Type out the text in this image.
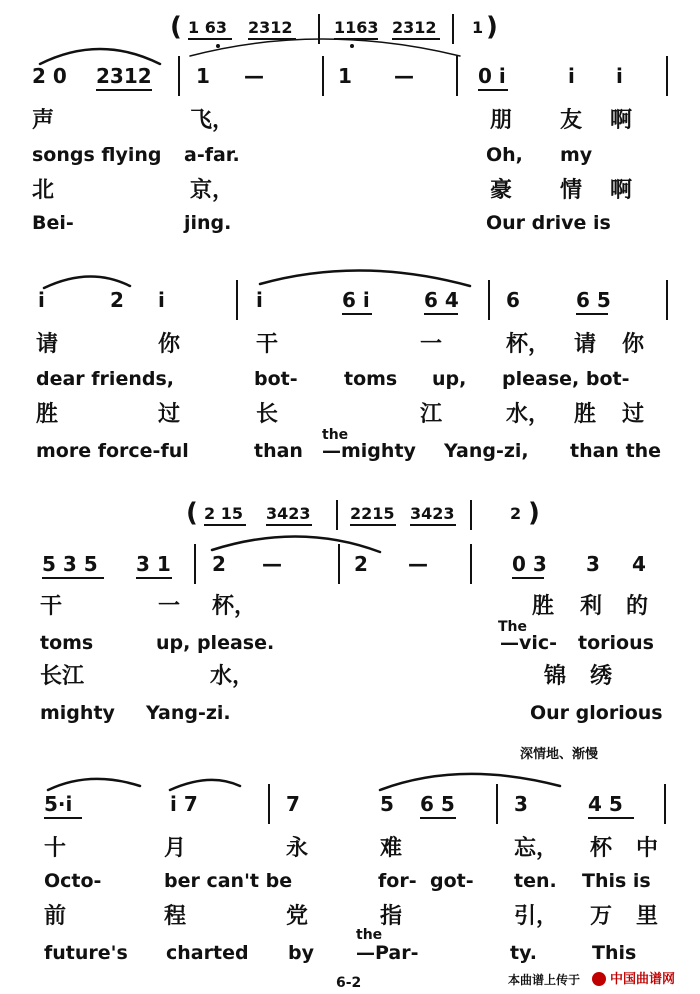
( 1 63 2312	1163 2312 1 )
2 0 2312 1 —	1 —	0 i	i i
声	飞，	朋 友 啊
songs flying a-far.	Oh, my
北	京，	豪 情 啊
Bei-	jing.	Our drive is
i	2 i	i	6 i	6 4 6	6 5
请	你	干	一	杯， 请 你
dear friends,	bot- toms up, please, bot-
胜	过	长	江	水， 胜 过
more force-ful	than
the
—mighty Yang-zi, than the
( 2 15 3423 2215 3423	2 )
5 3 5 3 1 2 —	2 —	0 3 3 4
干	一 杯，	胜 利 的
toms	up, please.
The
—vic- torious
长江	水，	锦 绣
mighty Yang-zi.	Our glorious
深情地、渐慢
5·i	i 7	7	5 6 5	3	4 5
十	月	永	难	忘， 杯 中
Octo-	ber can't be	for- got- ten. This is
前	程	党	指	引， 万 里
future's charted by
the
—Par-	ty.	This
6-2	本曲谱上传于 中国曲谱网
